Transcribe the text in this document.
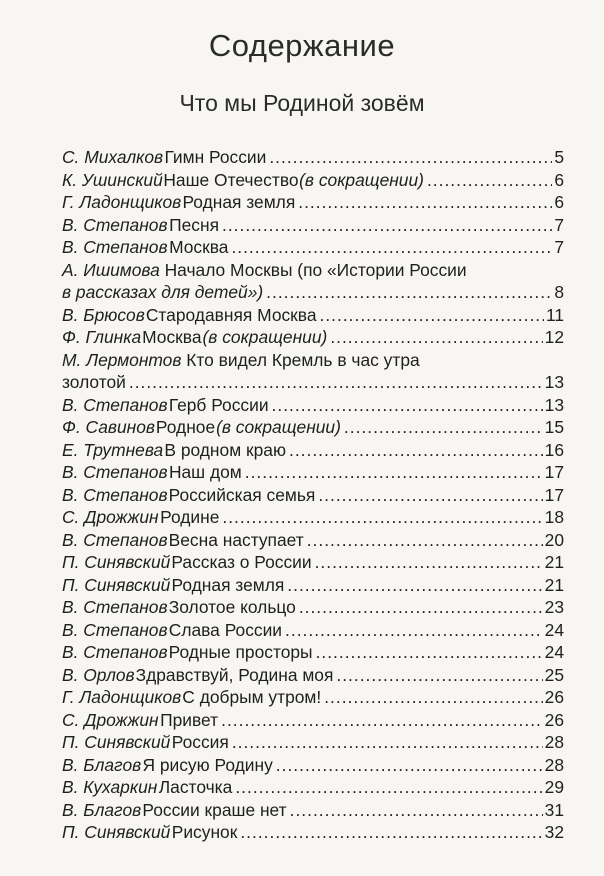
Содержание
Что мы Родиной зовём
С. Михалков Гимн России .....	5
К. Ушинский Наше Отечество (в сокращении) .....	6
Г. Ладонщиков Родная земля .....	6
В. Степанов Песня .....	7
В. Степанов Москва .....	7
А. Ишимова Начало Москвы (по «Истории России
в рассказах для детей») .....	8
В. Брюсов Стародавняя Москва .....	11
Ф. Глинка Москва (в сокращении) .....	12
М. Лермонтов Кто видел Кремль в час утра
золотой .....	13
В. Степанов Герб России .....	13
Ф. Савинов Родное (в сокращении) .....	15
Е. Трутнева В родном краю .....	16
В. Степанов Наш дом .....	17
В. Степанов Российская семья .....	17
С. Дрожжин Родине .....	18
В. Степанов Весна наступает .....	20
П. Синявский Рассказ о России .....	21
П. Синявский Родная земля .....	21
В. Степанов Золотое кольцо .....	23
В. Степанов Слава России .....	24
В. Степанов Родные просторы .....	24
В. Орлов Здравствуй, Родина моя .....	25
Г. Ладонщиков С добрым утром! .....	26
С. Дрожжин Привет .....	26
П. Синявский Россия .....	28
В. Благов Я рисую Родину .....	28
В. Кухаркин Ласточка .....	29
В. Благов России краше нет .....	31
П. Синявский Рисунок .....	32
